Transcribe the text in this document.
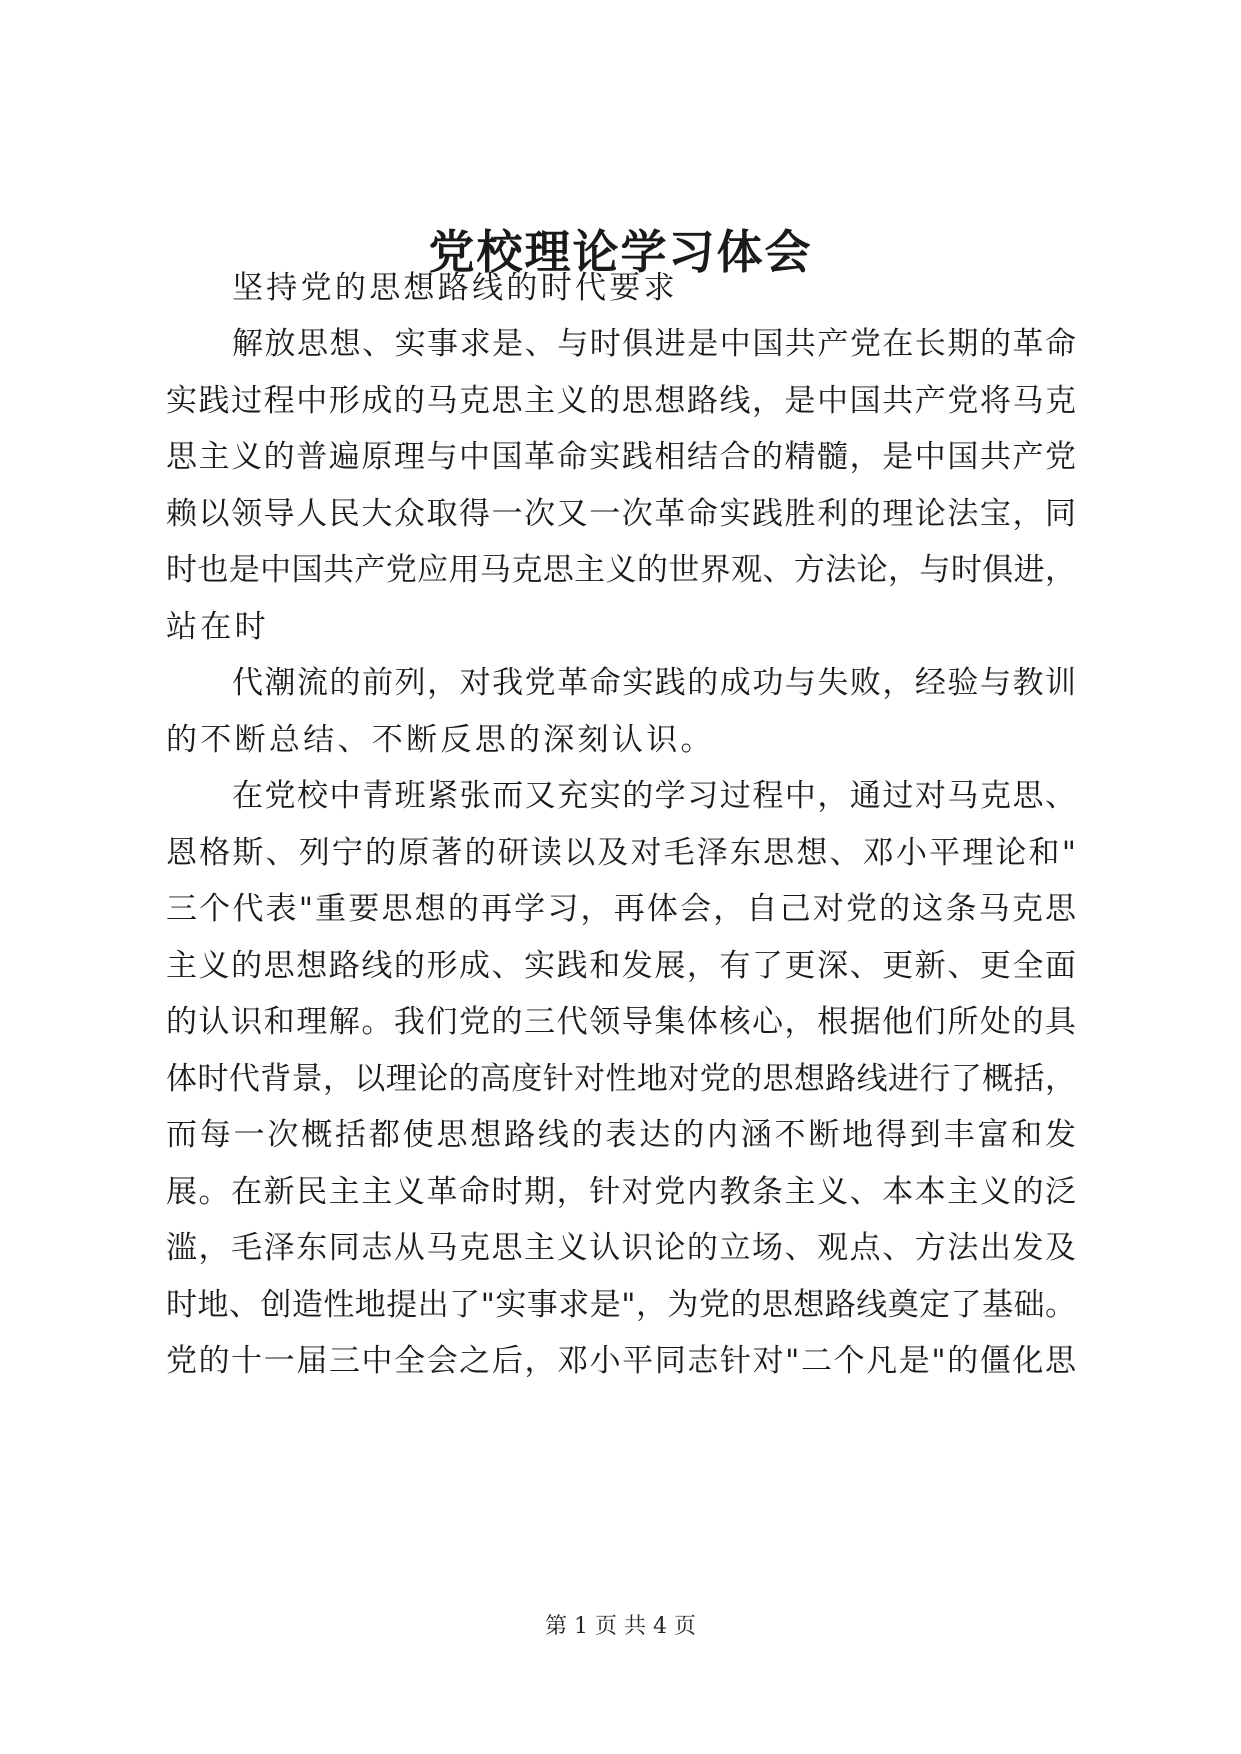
党校理论学习体会
坚持党的思想路线的时代要求
解放思想、实事求是、与时俱进是中国共产党在长期的革命
实践过程中形成的马克思主义的思想路线，是中国共产党将马克
思主义的普遍原理与中国革命实践相结合的精髓，是中国共产党
赖以领导人民大众取得一次又一次革命实践胜利的理论法宝，同
时也是中国共产党应用马克思主义的世界观、方法论，与时俱进，
站在时
代潮流的前列，对我党革命实践的成功与失败，经验与教训
的不断总结、不断反思的深刻认识。
在党校中青班紧张而又充实的学习过程中，通过对马克思、
恩格斯、列宁的原著的研读以及对毛泽东思想、邓小平理论和"
三个代表"重要思想的再学习，再体会，自己对党的这条马克思
主义的思想路线的形成、实践和发展，有了更深、更新、更全面
的认识和理解。我们党的三代领导集体核心，根据他们所处的具
体时代背景，以理论的高度针对性地对党的思想路线进行了概括，
而每一次概括都使思想路线的表达的内涵不断地得到丰富和发
展。在新民主主义革命时期，针对党内教条主义、本本主义的泛
滥，毛泽东同志从马克思主义认识论的立场、观点、方法出发及
时地、创造性地提出了"实事求是"，为党的思想路线奠定了基础。
党的十一届三中全会之后，邓小平同志针对"二个凡是"的僵化思
第 1 页 共 4 页
